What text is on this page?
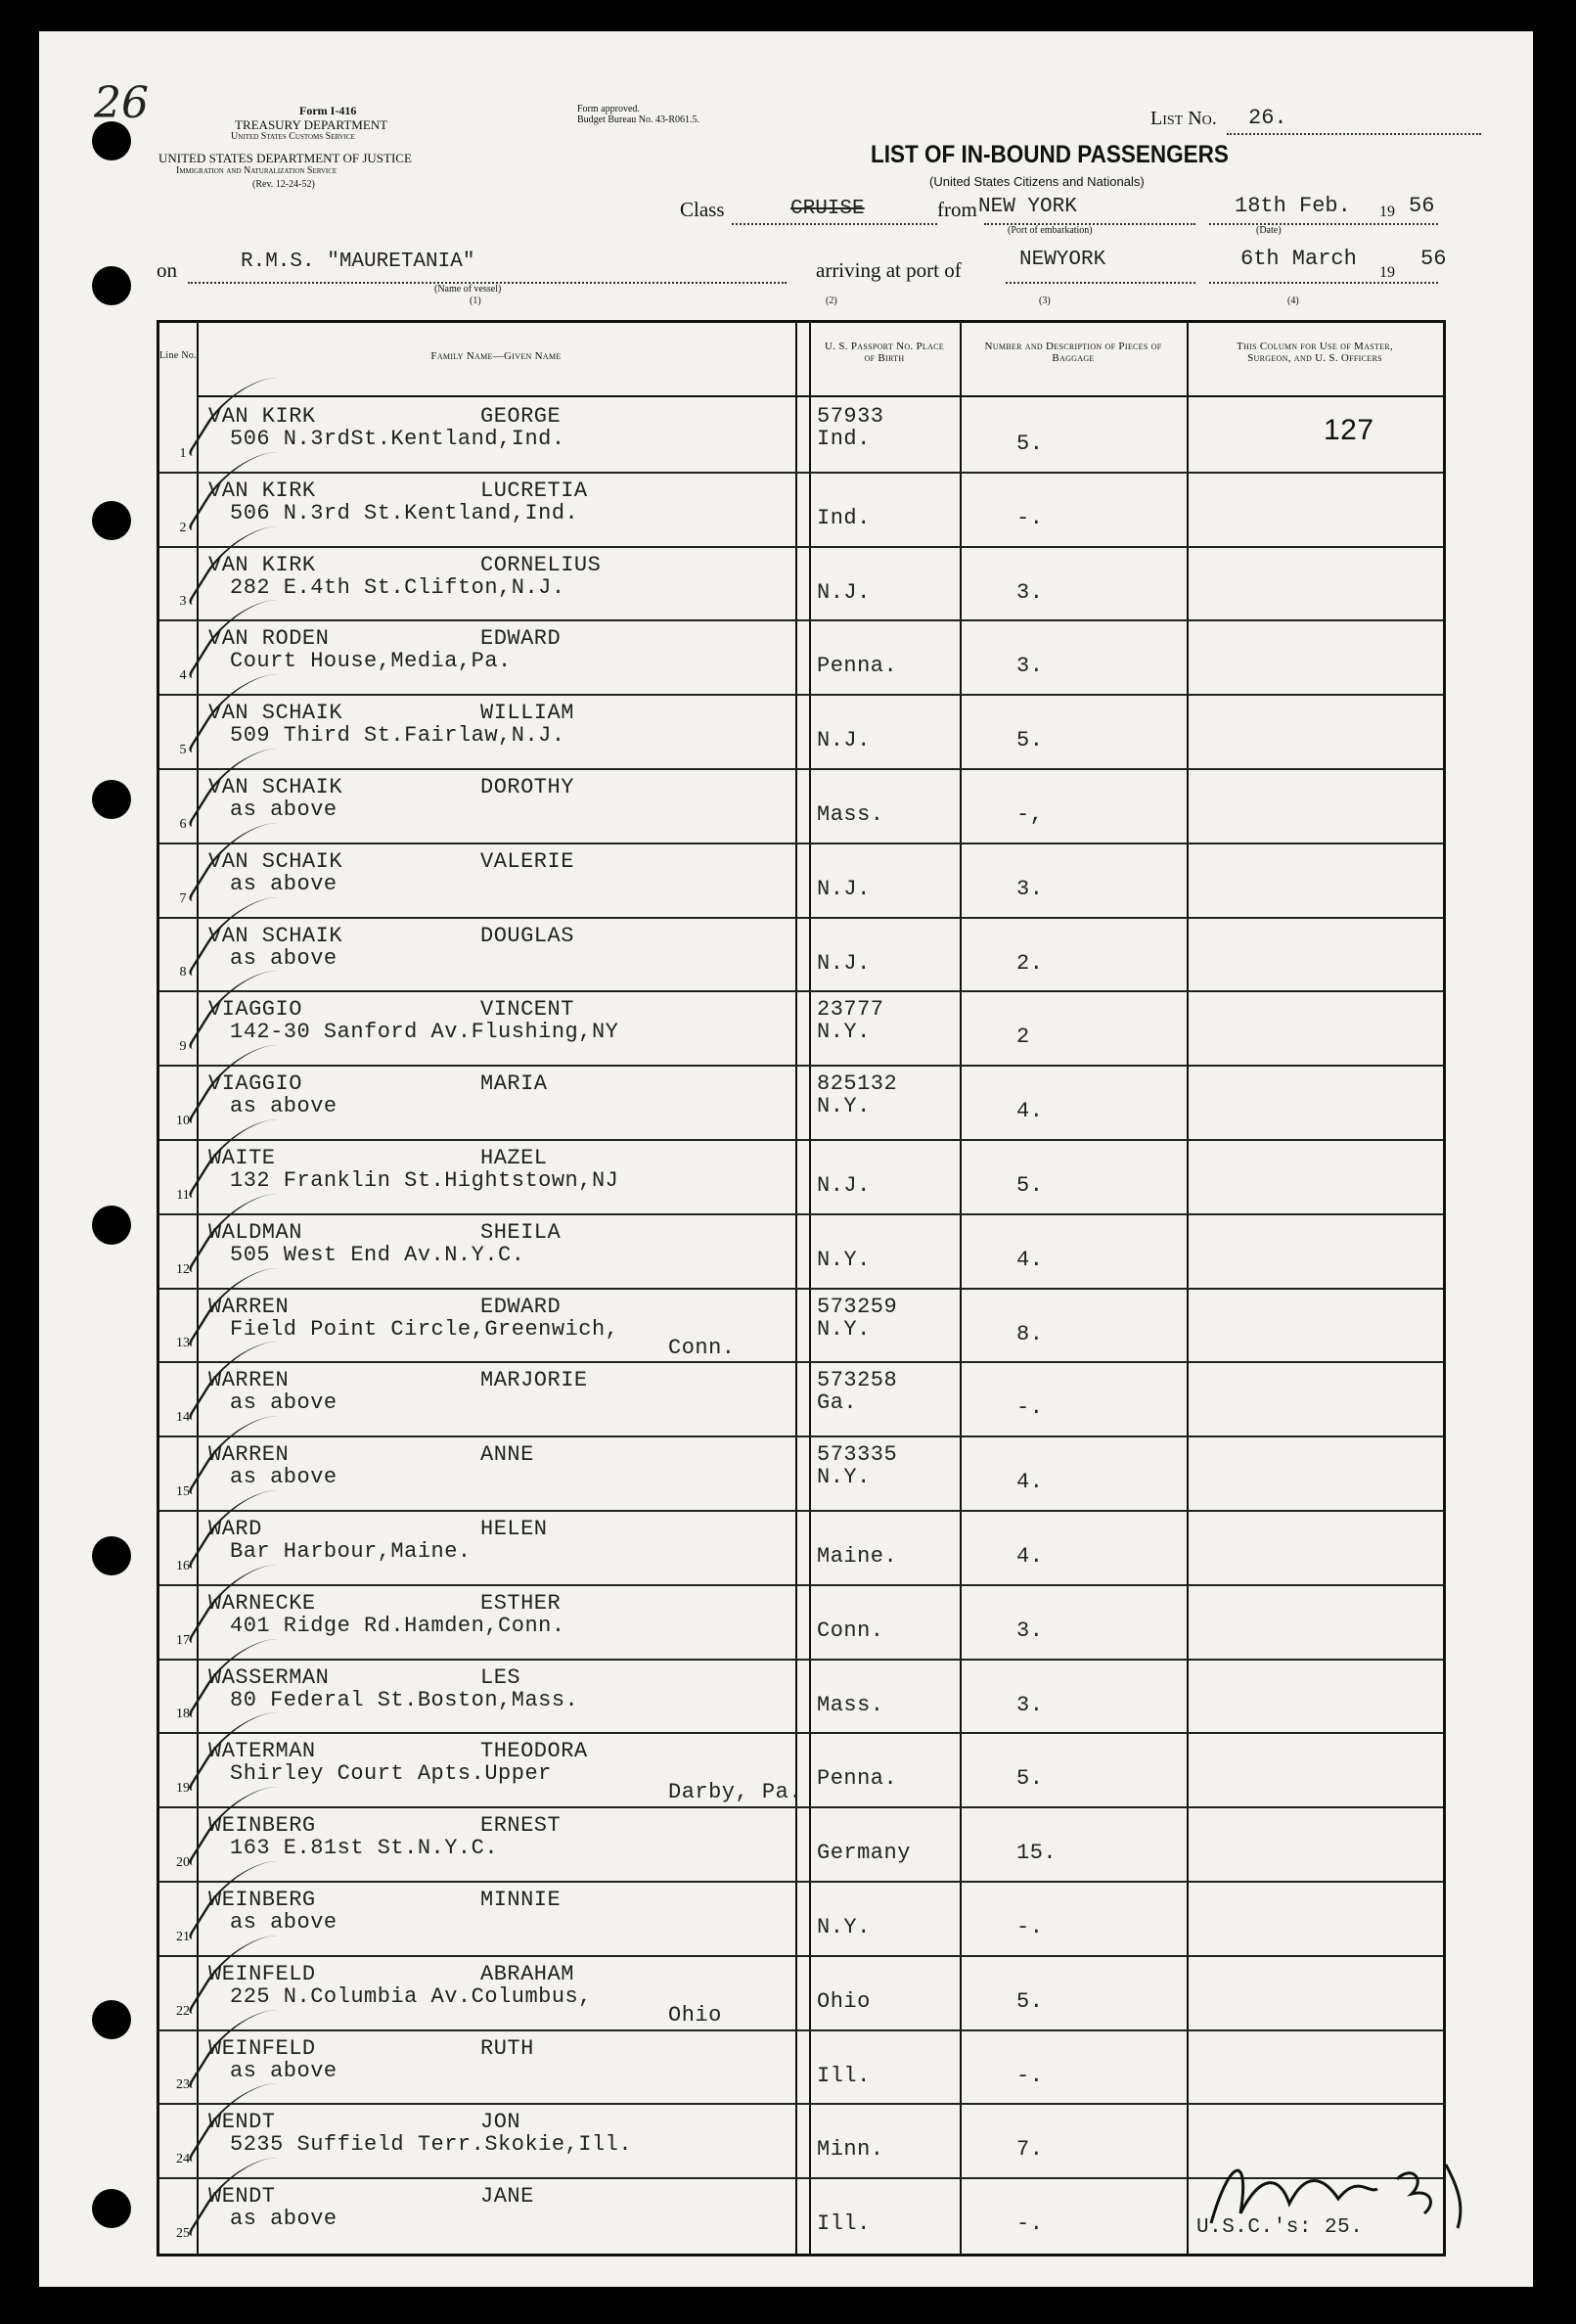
26	Form I-416
TREASURY DEPARTMENT
United States Customs Service
UNITED STATES DEPARTMENT OF JUSTICE
Immigration and Naturalization Service
(Rev. 12-24-52)
Form approved.
Budget Bureau No. 43-R061.5.	List No. 26.
LIST OF IN-BOUND PASSENGERS
(United States Citizens and Nationals)
Class	CRUISE	from NEW YORK
(Port of embarkation)
18th Feb. 19 56
(Date)
on	R.M.S. "MAURETANIA"
(Name of vessel)
(1)
arriving at port of	NEWYORK	6th March
19
56
(2)	(3)	(4)
Line No.	Family Name—Given Name
U. S. Passport No. Place of Birth
Number and Description of Pieces of Baggage
This Column for Use of Master, Surgeon, and U. S. Officers
1
VAN KIRK	GEORGE
506 N.3rdSt.Kentland,Ind.
57933
Ind.	5.	127
2
VAN KIRK	LUCRETIA
506 N.3rd St.Kentland,Ind.	Ind.	-.
3
VAN KIRK	CORNELIUS
282 E.4th St.Clifton,N.J.	N.J.	3.
4
VAN RODEN	EDWARD
Court House,Media,Pa.	Penna.	3.
5
VAN SCHAIK	WILLIAM
509 Third St.Fairlaw,N.J.	N.J.	5.
6
VAN SCHAIK	DOROTHY
as above	Mass.	-,
7
VAN SCHAIK	VALERIE
as above	N.J.	3.
8
VAN SCHAIK	DOUGLAS
as above	N.J.	2.
9
VIAGGIO	VINCENT
142-30 Sanford Av.Flushing,NY
23777
N.Y.	2
10
VIAGGIO	MARIA
as above
825132
N.Y.	4.
11
WAITE	HAZEL
132 Franklin St.Hightstown,NJ	N.J.	5.
12
WALDMAN	SHEILA
505 West End Av.N.Y.C.	N.Y.	4.
13
WARREN	EDWARD
Field Point Circle,Greenwich,
Conn.
573259
N.Y.	8.
14
WARREN	MARJORIE
as above
573258
Ga.	-.
15
WARREN	ANNE
as above
573335
N.Y.	4.
16
WARD	HELEN
Bar Harbour,Maine.	Maine.	4.
17
WARNECKE	ESTHER
401 Ridge Rd.Hamden,Conn.	Conn.	3.
18
WASSERMAN	LES
80 Federal St.Boston,Mass.	Mass.	3.
19
WATERMAN	THEODORA
Shirley Court Apts.Upper
Darby, Pa.
Penna.	5.
20
WEINBERG	ERNEST
163 E.81st St.N.Y.C.	Germany	15.
21
WEINBERG	MINNIE
as above	N.Y.	-.
22
WEINFELD	ABRAHAM
225 N.Columbia Av.Columbus,
Ohio
Ohio	5.
23
WEINFELD	RUTH
as above	Ill.	-.
24
WENDT	JON
5235 Suffield Terr.Skokie,Ill.	Minn.	7.
25
WENDT	JANE
as above	Ill.	-.	U.S.C.'s: 25.
